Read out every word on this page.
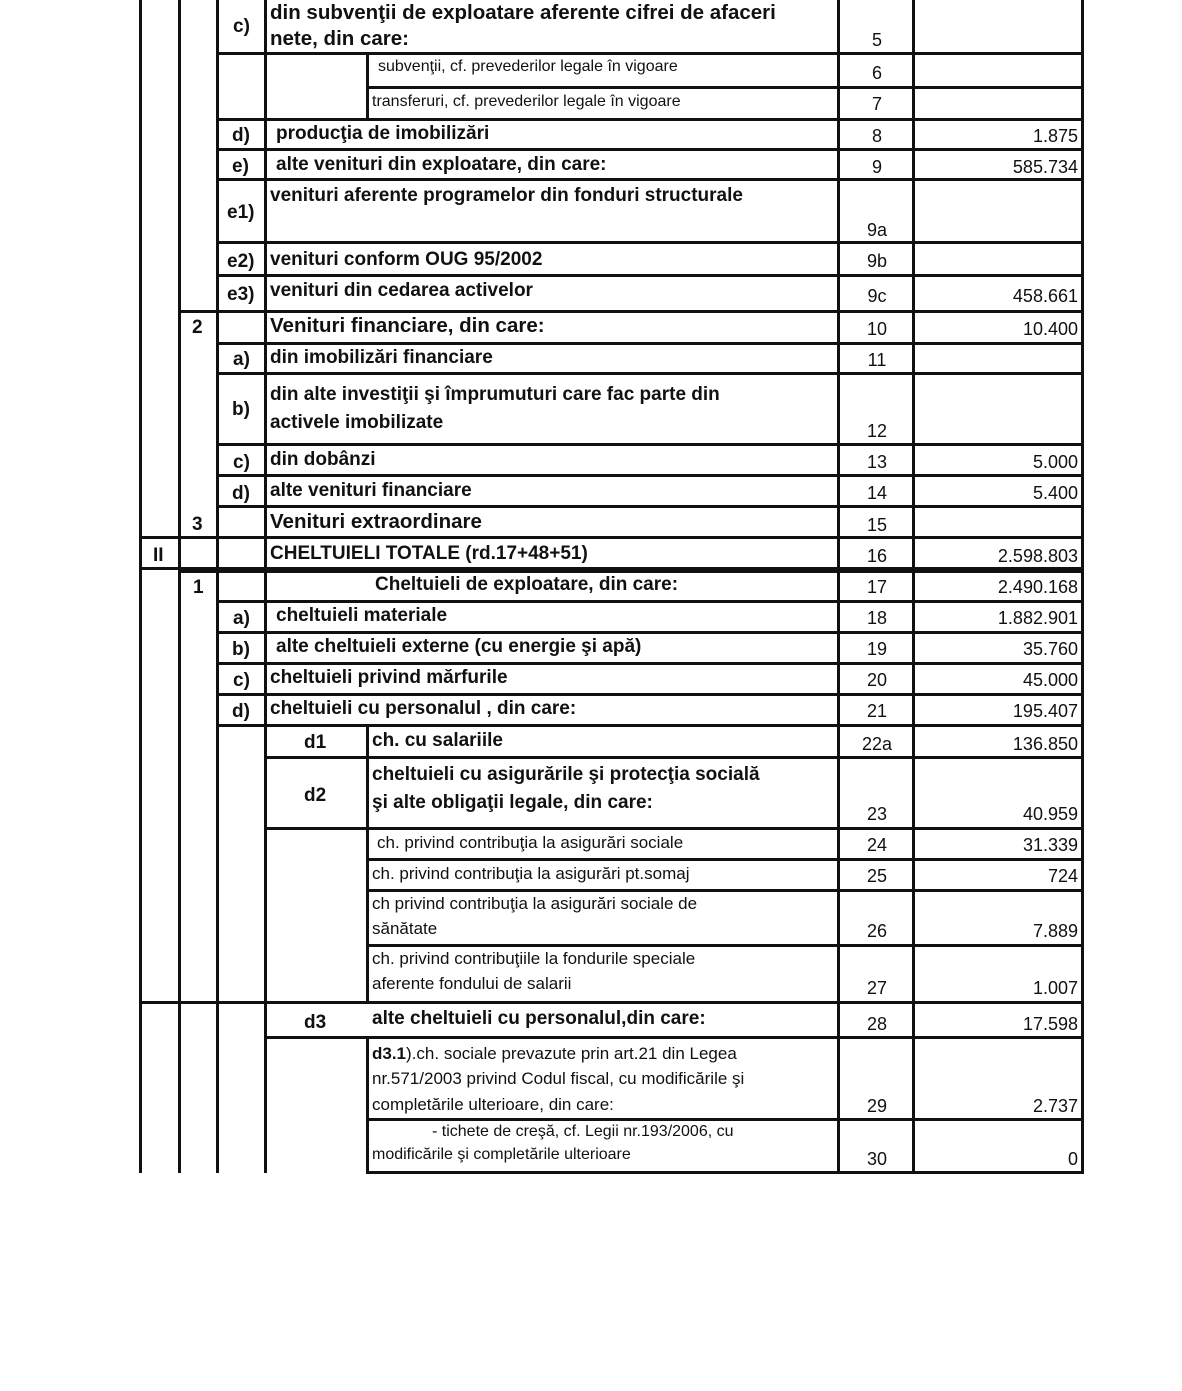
c)
d)
e)
e1)
e2)
e3)
2
a)
b)
c)
d)
3
II
1
a)
b)
c)
d)
d1
d2
d3
din subvenţii de exploatare aferente cifrei de afaceri
nete, din care:
subvenţii, cf. prevederilor legale în vigoare
transferuri, cf. prevederilor legale în vigoare
producţia de imobilizări
alte venituri din exploatare, din care:
venituri aferente programelor din fonduri structurale
venituri conform OUG 95/2002
venituri din cedarea activelor
Venituri financiare, din care:
din imobilizări financiare
din alte investiţii şi împrumuturi care fac parte din
activele imobilizate
din dobânzi
alte venituri financiare
Venituri extraordinare
CHELTUIELI TOTALE (rd.17+48+51)
Cheltuieli de exploatare, din care:
cheltuieli materiale
alte cheltuieli externe (cu energie şi apă)
cheltuieli privind mărfurile
cheltuieli cu personalul , din care:
ch. cu salariile
cheltuieli cu asigurările şi protecţia socială
şi alte obligaţii legale, din care:
ch. privind contribuţia la asigurări sociale
ch. privind contribuţia la asigurări pt.somaj
ch privind contribuţia la asigurări sociale de
sănătate
ch. privind contribuţiile la fondurile speciale
aferente fondului de salarii
alte cheltuieli cu personalul,din care:
d3.1).ch. sociale prevazute prin art.21 din Legea
nr.571/2003 privind Codul fiscal, cu modificările şi
completările ulterioare, din care:
- tichete de creşă, cf. Legii nr.193/2006, cu
modificările şi completările ulterioare
5
6
7
8
9
9a
9b
9c
10
11
12
13
14
15
16
17
18
19
20
21
22a
23
24
25
26
27
28
29
30
1.875
585.734
458.661
10.400
5.000
5.400
2.598.803
2.490.168
1.882.901
35.760
45.000
195.407
136.850
40.959
31.339
724
7.889
1.007
17.598
2.737
0
